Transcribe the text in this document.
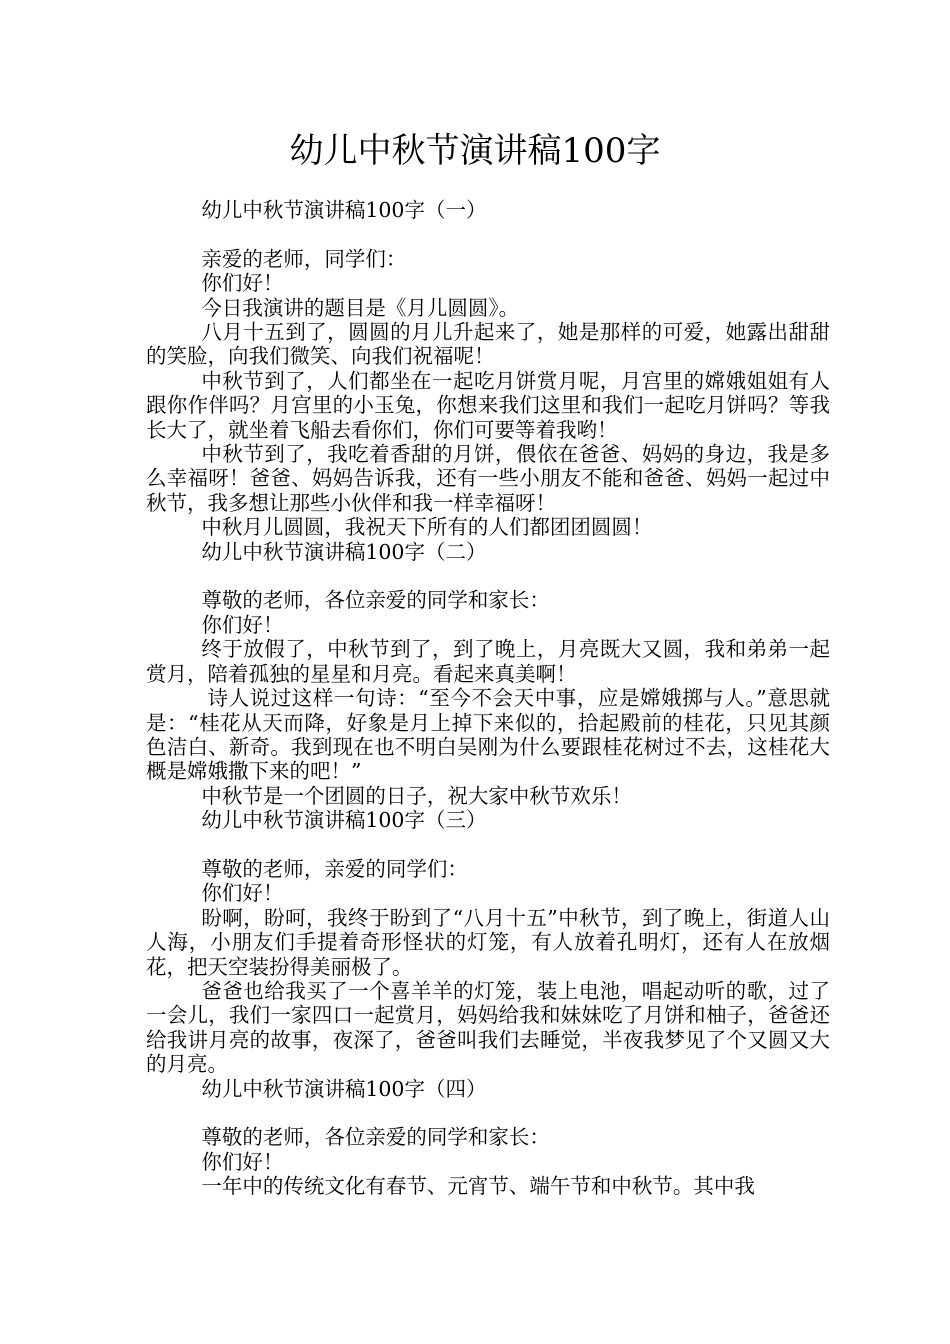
幼儿中秋节演讲稿100字

幼儿中秋节演讲稿100字（一）

亲爱的老师，同学们：

你们好！

今日我演讲的题目是《月儿圆圆》。

八月十五到了，圆圆的月儿升起来了，她是那样的可爱，她露出甜甜的笑脸，向我们微笑、向我们祝福呢！

中秋节到了，人们都坐在一起吃月饼赏月呢，月宫里的嫦娥姐姐有人跟你作伴吗？月宫里的小玉兔，你想来我们这里和我们一起吃月饼吗？等我长大了，就坐着飞船去看你们，你们可要等着我哟！

中秋节到了，我吃着香甜的月饼，偎依在爸爸、妈妈的身边，我是多么幸福呀！爸爸、妈妈告诉我，还有一些小朋友不能和爸爸、妈妈一起过中秋节，我多想让那些小伙伴和我一样幸福呀！

中秋月儿圆圆，我祝天下所有的人们都团团圆圆！

幼儿中秋节演讲稿100字（二）

尊敬的老师，各位亲爱的同学和家长：

你们好！

终于放假了，中秋节到了，到了晚上，月亮既大又圆，我和弟弟一起赏月，陪着孤独的星星和月亮。看起来真美啊！

诗人说过这样一句诗：“至今不会天中事，应是嫦娥掷与人。”意思就是：“桂花从天而降，好象是月上掉下来似的，拾起殿前的桂花，只见其颜色洁白、新奇。我到现在也不明白吴刚为什么要跟桂花树过不去，这桂花大概是嫦娥撒下来的吧！”

中秋节是一个团圆的日子，祝大家中秋节欢乐！

幼儿中秋节演讲稿100字（三）

尊敬的老师，亲爱的同学们：

你们好！

盼啊，盼呵，我终于盼到了“八月十五”中秋节，到了晚上，街道人山人海，小朋友们手提着奇形怪状的灯笼，有人放着孔明灯，还有人在放烟花，把天空装扮得美丽极了。

爸爸也给我买了一个喜羊羊的灯笼，装上电池，唱起动听的歌，过了一会儿，我们一家四口一起赏月，妈妈给我和妹妹吃了月饼和柚子，爸爸还给我讲月亮的故事，夜深了，爸爸叫我们去睡觉，半夜我梦见了个又圆又大的月亮。

幼儿中秋节演讲稿100字（四）

尊敬的老师，各位亲爱的同学和家长：

你们好！

一年中的传统文化有春节、元宵节、端午节和中秋节。其中我
